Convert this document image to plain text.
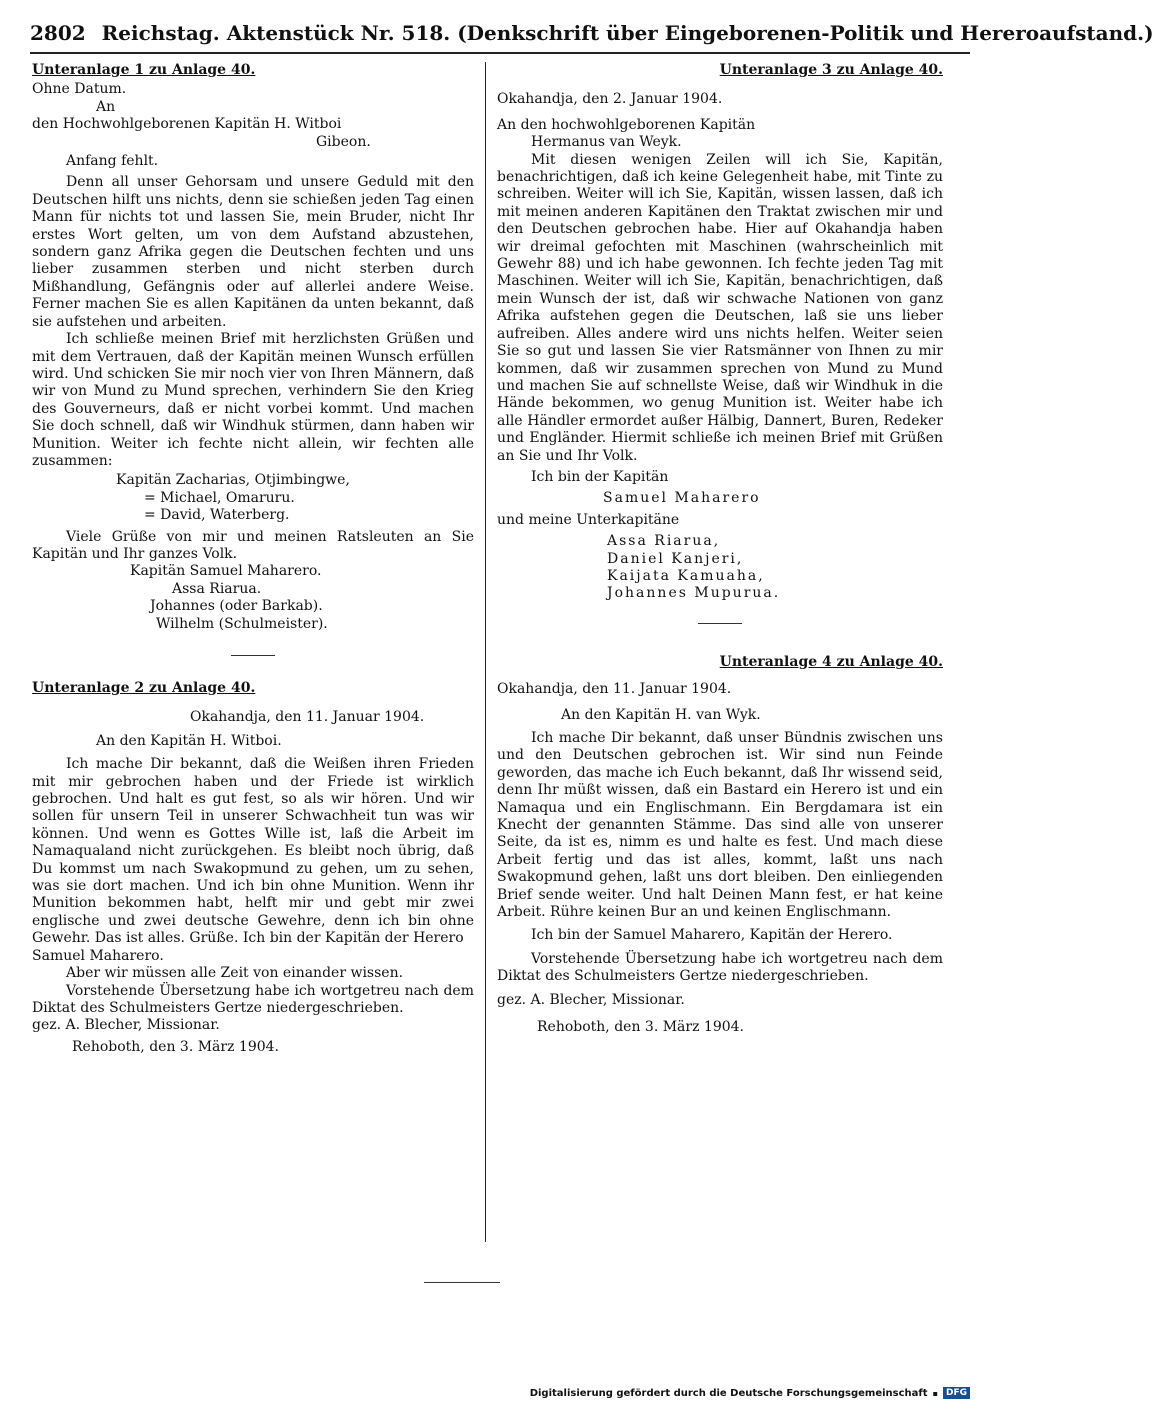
2802 Reichstag. Aktenstück Nr. 518. (Denkschrift über Eingeborenen-Politik und Hereroaufstand.)

Unteranlage 1 zu Anlage 40.

Ohne Datum.

An

den Hochwohlgeborenen Kapitän H. Witboi

Gibeon.

Anfang fehlt.

Denn all unser Gehorsam und unsere Geduld mit den Deutschen hilft uns nichts, denn sie schießen jeden Tag einen Mann für nichts tot und lassen Sie, mein Bruder, nicht Ihr erstes Wort gelten, um von dem Aufstand abzustehen, sondern ganz Afrika gegen die Deutschen fechten und uns lieber zusammen sterben und nicht sterben durch Mißhandlung, Gefängnis oder auf allerlei andere Weise. Ferner machen Sie es allen Kapitänen da unten bekannt, daß sie aufstehen und arbeiten.

Ich schließe meinen Brief mit herzlichsten Grüßen und mit dem Vertrauen, daß der Kapitän meinen Wunsch erfüllen wird. Und schicken Sie mir noch vier von Ihren Männern, daß wir von Mund zu Mund sprechen, verhindern Sie den Krieg des Gouverneurs, daß er nicht vorbei kommt. Und machen Sie doch schnell, daß wir Windhuk stürmen, dann haben wir Munition. Weiter ich fechte nicht allein, wir fechten alle zusammen:

Kapitän Zacharias, Otjimbingwe,

= Michael, Omaruru.

= David, Waterberg.

Viele Grüße von mir und meinen Ratsleuten an Sie Kapitän und Ihr ganzes Volk.

Kapitän Samuel Maharero.

Assa Riarua.

Johannes (oder Barkab).

Wilhelm (Schulmeister).

Unteranlage 2 zu Anlage 40.

Okahandja, den 11. Januar 1904.

An den Kapitän H. Witboi.

Ich mache Dir bekannt, daß die Weißen ihren Frieden mit mir gebrochen haben und der Friede ist wirklich gebrochen. Und halt es gut fest, so als wir hören. Und wir sollen für unsern Teil in unserer Schwachheit tun was wir können. Und wenn es Gottes Wille ist, laß die Arbeit im Namaqualand nicht zurückgehen. Es bleibt noch übrig, daß Du kommst um nach Swakopmund zu gehen, um zu sehen, was sie dort machen. Und ich bin ohne Munition. Wenn ihr Munition bekommen habt, helft mir und gebt mir zwei englische und zwei deutsche Gewehre, denn ich bin ohne Gewehr. Das ist alles. Grüße. Ich bin der Kapitän der Herero

Samuel Maharero.

Aber wir müssen alle Zeit von einander wissen.

Vorstehende Übersetzung habe ich wortgetreu nach dem Diktat des Schulmeisters Gertze niedergeschrieben.

gez. A. Blecher, Missionar.

Rehoboth, den 3. März 1904.

Unteranlage 3 zu Anlage 40.

Okahandja, den 2. Januar 1904.

An den hochwohlgeborenen Kapitän

Hermanus van Weyk.

Mit diesen wenigen Zeilen will ich Sie, Kapitän, benachrichtigen, daß ich keine Gelegenheit habe, mit Tinte zu schreiben. Weiter will ich Sie, Kapitän, wissen lassen, daß ich mit meinen anderen Kapitänen den Traktat zwischen mir und den Deutschen gebrochen habe. Hier auf Okahandja haben wir dreimal gefochten mit Maschinen (wahrscheinlich mit Gewehr 88) und ich habe gewonnen. Ich fechte jeden Tag mit Maschinen. Weiter will ich Sie, Kapitän, benachrichtigen, daß mein Wunsch der ist, daß wir schwache Nationen von ganz Afrika aufstehen gegen die Deutschen, laß sie uns lieber aufreiben. Alles andere wird uns nichts helfen. Weiter seien Sie so gut und lassen Sie vier Ratsmänner von Ihnen zu mir kommen, daß wir zusammen sprechen von Mund zu Mund und machen Sie auf schnellste Weise, daß wir Windhuk in die Hände bekommen, wo genug Munition ist. Weiter habe ich alle Händler ermordet außer Hälbig, Dannert, Buren, Redeker und Engländer. Hiermit schließe ich meinen Brief mit Grüßen an Sie und Ihr Volk.

Ich bin der Kapitän

Samuel Maharero

und meine Unterkapitäne

Assa Riarua,

Daniel Kanjeri,

Kaijata Kamuaha,

Johannes Mupurua.

Unteranlage 4 zu Anlage 40.

Okahandja, den 11. Januar 1904.

An den Kapitän H. van Wyk.

Ich mache Dir bekannt, daß unser Bündnis zwischen uns und den Deutschen gebrochen ist. Wir sind nun Feinde geworden, das mache ich Euch bekannt, daß Ihr wissend seid, denn Ihr müßt wissen, daß ein Bastard ein Herero ist und ein Namaqua und ein Englischmann. Ein Bergdamara ist ein Knecht der genannten Stämme. Das sind alle von unserer Seite, da ist es, nimm es und halte es fest. Und mach diese Arbeit fertig und das ist alles, kommt, laßt uns nach Swakopmund gehen, laßt uns dort bleiben. Den einliegenden Brief sende weiter. Und halt Deinen Mann fest, er hat keine Arbeit. Rühre keinen Bur an und keinen Englischmann.

Ich bin der Samuel Maharero, Kapitän der Herero.

Vorstehende Übersetzung habe ich wortgetreu nach dem Diktat des Schulmeisters Gertze niedergeschrieben.

gez. A. Blecher, Missionar.

Rehoboth, den 3. März 1904.

Digitalisierung gefördert durch die Deutsche Forschungsgemeinschaft ▪ DFG
